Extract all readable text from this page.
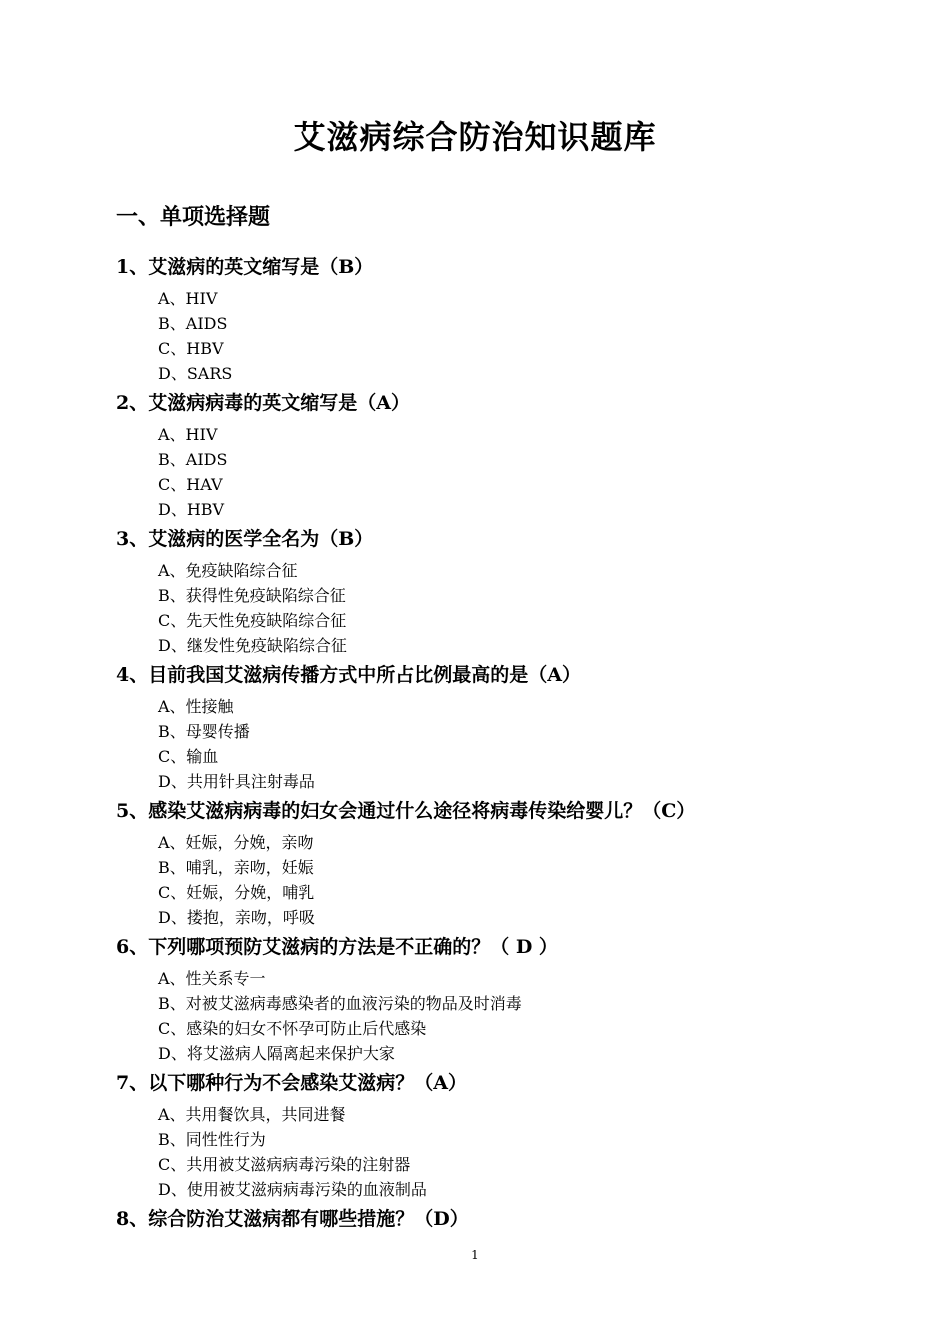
艾滋病综合防治知识题库
一、单项选择题
1、艾滋病的英文缩写是（B）
A、HIV
B、AIDS
C、HBV
D、SARS
2、艾滋病病毒的英文缩写是（A）
A、HIV
B、AIDS
C、HAV
D、HBV
3、艾滋病的医学全名为（B）
A、免疫缺陷综合征
B、获得性免疫缺陷综合征
C、先天性免疫缺陷综合征
D、继发性免疫缺陷综合征
4、目前我国艾滋病传播方式中所占比例最高的是（A）
A、性接触
B、母婴传播
C、输血
D、共用针具注射毒品
5、感染艾滋病病毒的妇女会通过什么途径将病毒传染给婴儿？（C）
A、妊娠，分娩，亲吻
B、哺乳，亲吻，妊娠
C、妊娠，分娩，哺乳
D、搂抱，亲吻，呼吸
6、下列哪项预防艾滋病的方法是不正确的？（ D ）
A、性关系专一
B、对被艾滋病毒感染者的血液污染的物品及时消毒
C、感染的妇女不怀孕可防止后代感染
D、将艾滋病人隔离起来保护大家
7、以下哪种行为不会感染艾滋病？（A）
A、共用餐饮具，共同进餐
B、同性性行为
C、共用被艾滋病病毒污染的注射器
D、使用被艾滋病病毒污染的血液制品
8、综合防治艾滋病都有哪些措施？（D）
1
